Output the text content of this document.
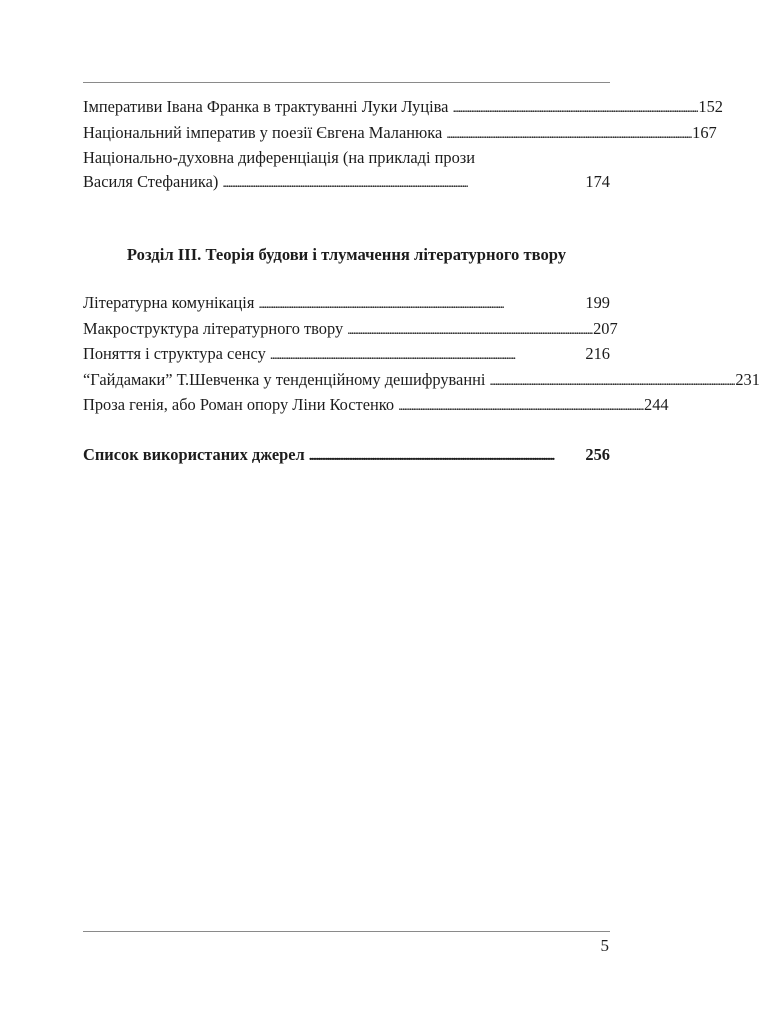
Імперативи Івана Франка в трактуванні Луки Луціва . . .	152
Національний імператив у поезії Євгена Маланюка . . .	167
Національно-духовна диференціація (на прикладі прози
Василя Стефаника) . . .	174
Розділ ІІІ. Теорія будови і тлумачення літературного твору
Літературна комунікація . . .	199
Макроструктура літературного твору . . .	207
Поняття і структура сенсу . . .	216
“Гайдамаки” Т.Шевченка у тенденційному дешифруванні . . .	231
Проза генія, або Роман опору Ліни Костенко . . .	244
Список використаних джерел . . .	256
5
